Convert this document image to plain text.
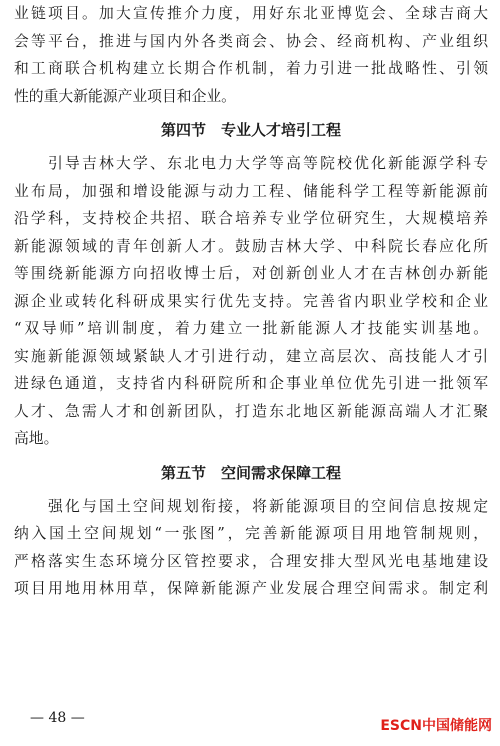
业链项目。加大宣传推介力度，用好东北亚博览会、全球吉商大
会等平台，推进与国内外各类商会、协会、经商机构、产业组织
和工商联合机构建立长期合作机制，着力引进一批战略性、引领
性的重大新能源产业项目和企业。
第四节　专业人才培引工程
　　引导吉林大学、东北电力大学等高等院校优化新能源学科专
业布局，加强和增设能源与动力工程、储能科学工程等新能源前
沿学科，支持校企共招、联合培养专业学位研究生，大规模培养
新能源领域的青年创新人才。鼓励吉林大学、中科院长春应化所
等围绕新能源方向招收博士后，对创新创业人才在吉林创办新能
源企业或转化科研成果实行优先支持。完善省内职业学校和企业
“双导师”培训制度，着力建立一批新能源人才技能实训基地。
实施新能源领域紧缺人才引进行动，建立高层次、高技能人才引
进绿色通道，支持省内科研院所和企事业单位优先引进一批领军
人才、急需人才和创新团队，打造东北地区新能源高端人才汇聚
高地。
第五节　空间需求保障工程
　　强化与国土空间规划衔接，将新能源项目的空间信息按规定
纳入国土空间规划“一张图”，完善新能源项目用地管制规则，
严格落实生态环境分区管控要求，合理安排大型风光电基地建设
项目用地用林用草，保障新能源产业发展合理空间需求。制定利
— 48 —	ESCN中国储能网
